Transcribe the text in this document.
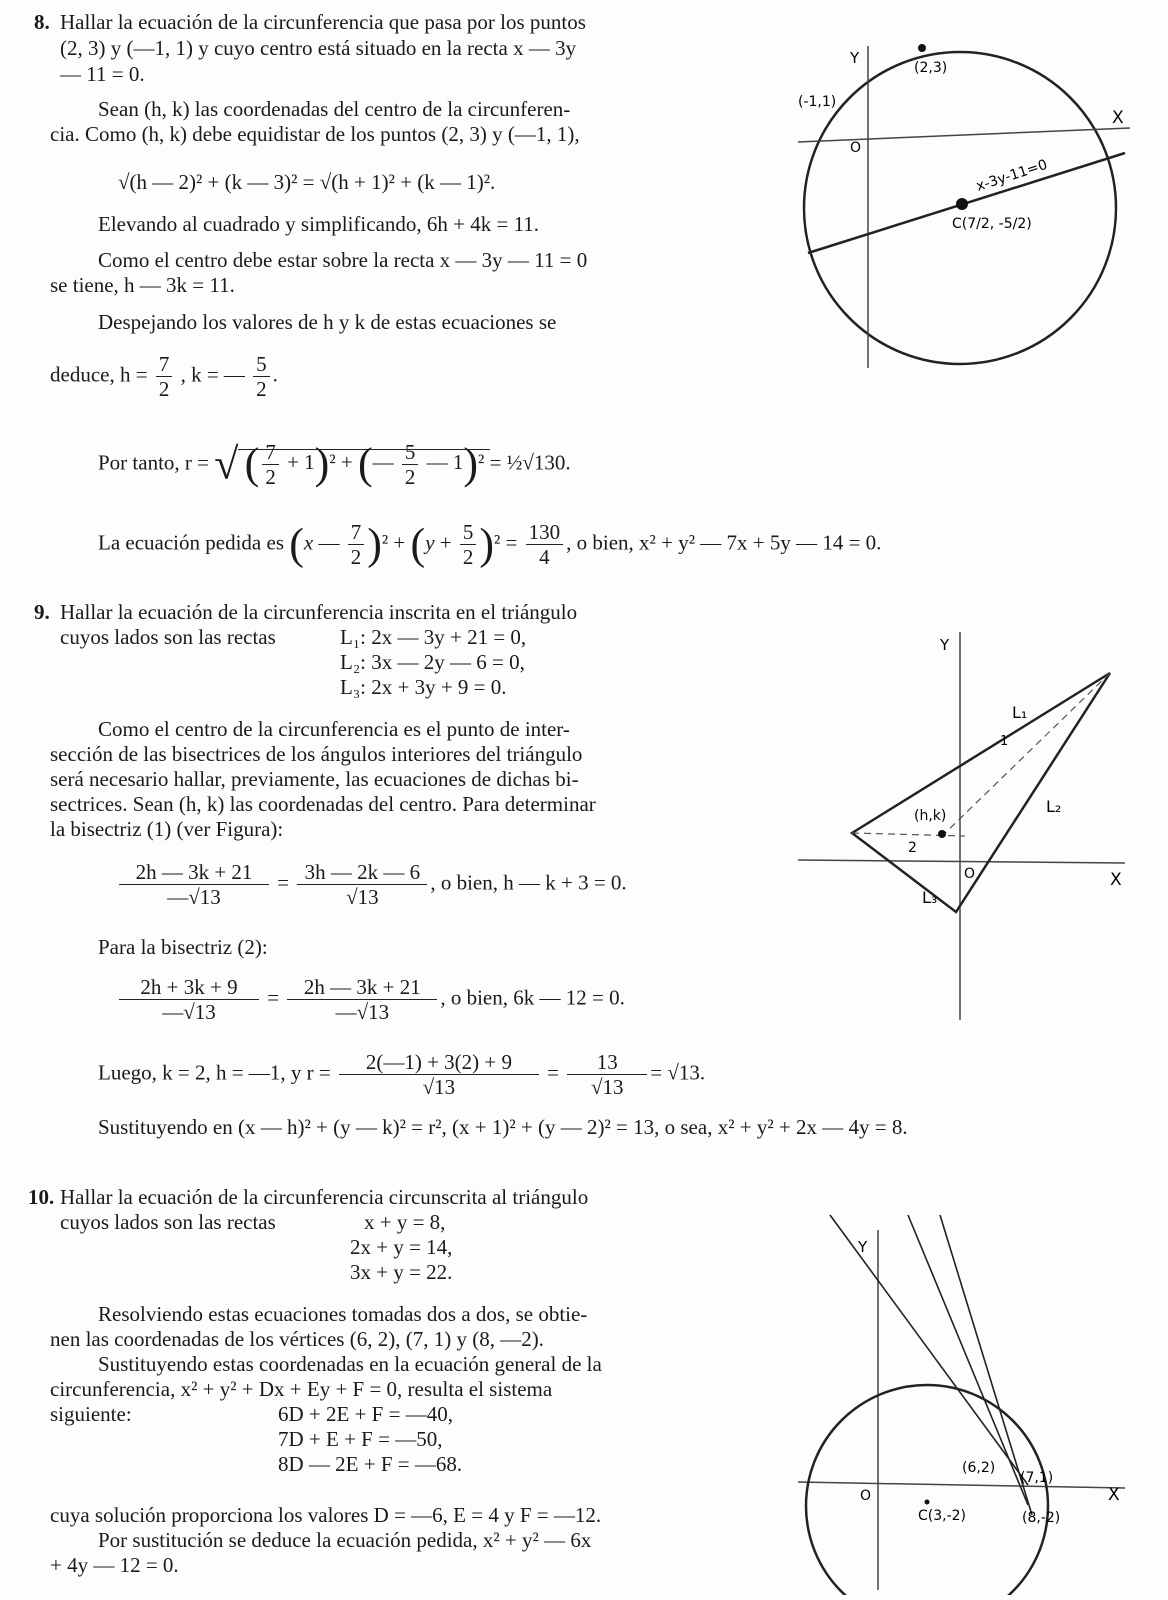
8. Hallar la ecuación de la circunferencia que pasa por los puntos

(2, 3) y (—1, 1) y cuyo centro está situado en la recta x — 3y

— 11 = 0.

Sean (h, k) las coordenadas del centro de la circunferen-

cia. Como (h, k) debe equidistar de los puntos (2, 3) y (—1, 1),

√(h — 2)² + (k — 3)² = √(h + 1)² + (k — 1)².

Elevando al cuadrado y simplificando, 6h + 4k = 11.

Como el centro debe estar sobre la recta x — 3y — 11 = 0

se tiene, h — 3k = 11.

Despejando los valores de h y k de estas ecuaciones se

deduce, $h = \frac{7}{2}$ , k = — $\frac{5}{2}$ .

Por tanto, r = √ ( $\frac{7}{2} + 1)^2$ + (— $\frac{5}{2}$ — 1)² = ½√130.

La ecuación pedida es (x — $\frac{7}{2} )^2 + (y + \frac{5}{2} )^2 = \frac{130}{4}$ , o bien, x² + y² — 7x + 5y — 14 = 0.

Y
X
O
(2,3)
(-1,1)
x-3y-11=0
C(7/2, -5/2)

9. Hallar la ecuación de la circunferencia inscrita en el triángulo

cuyos lados son las rectas	L₁: 2x — 3y + 21 = 0,

L₂: 3x — 2y — 6 = 0,

L₃: 2x + 3y + 9 = 0.

Como el centro de la circunferencia es el punto de inter-

sección de las bisectrices de los ángulos interiores del triángulo

será necesario hallar, previamente, las ecuaciones de dichas bi-

sectrices. Sean (h, k) las coordenadas del centro. Para determinar

la bisectriz (1) (ver Figura):

$\frac{2h — 3k + 21}{—√13} = \frac{3h — 2k — 6}{√13}$ , o bien, h — k + 3 = 0.

Para la bisectriz (2):

$\frac{2h + 3k + 9}{—√13} = \frac{2h — 3k + 21}{—√13}$ , o bien, 6k — 12 = 0.

Luego, k = 2, h = —1, y $r = \frac{2(—1) + 3(2) + 9}{√13} = \frac{13}{√13} = √13$.

Sustituyendo en (x — h)² + (y — k)² = r², (x + 1)² + (y — 2)² = 13, o sea, x² + y² + 2x — 4y = 8.

Y
X
O
L₁
L₂
L₃
(h,k)
2
1

10. Hallar la ecuación de la circunferencia circunscrita al triángulo

cuyos lados son las rectas	x + y = 8,

2x + y = 14,

3x + y = 22.

Resolviendo estas ecuaciones tomadas dos a dos, se obtie-

nen las coordenadas de los vértices (6, 2), (7, 1) y (8, —2).

Sustituyendo estas coordenadas en la ecuación general de la

circunferencia, x² + y² + Dx + Ey + F = 0, resulta el sistema

siguiente:	6D + 2E + F = —40,

7D + E + F = —50,

8D — 2E + F = —68.

cuya solución proporciona los valores D = —6, E = 4 y F = —12.

Por sustitución se deduce la ecuación pedida, x² + y² — 6x

+ 4y — 12 = 0.

Y
X
O
(6,2)
(7,1)
(8,-2)
C(3,-2)
